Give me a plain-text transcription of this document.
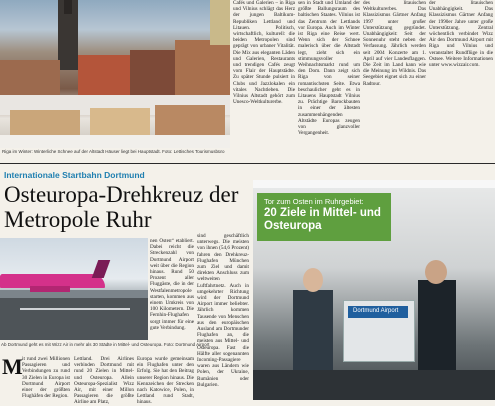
Riga im Winter: Winterliche Schnee auf der Altstadt Häuser liegt bei Hauptstadt. Foto: Lettisches Tourismusbüro
Cafés und Galerien – in Riga und Vilnius schlägt das Herz der jungen Baltikum-Republiken Lettland und Litauen. Politisch, wirtschaftlich, kulturell: die beiden Metropolen sind geprägt von urbaner Vitalität. Die Mix aus eleganten Läden und Galerien, Restaurants und trendigen Cafés zeugt vom Flair der Hauptstädte. Zu später Stunde pulsiert in Clubs und Jazzlokalen ein vitales Nachtleben. Die Vilnius Altstadt gehört zum Unesco-Weltkulturerbe.
sen in Stadt und Umland der größte Ballungsraum des baltischen Staates. Vilnius ist das Zentrum der Lettlands vor Europa. Auch im Winter ist Riga eine Reise wert. Wenn sich der Schnee malerisch über die Altstadt legt, zieht sich ein stimmungsvoller Weihnachtsmarkt rund um den Dom. Dann zeigt sich Riga von seiner romantischsten Seite. Etwa beschaulicher geht es in Litauens Hauptstadt Vilnius zu. Prächtige Barockbauten in einer der ältesten zusammenhängenden Altstädte Europas zeugen von glanzvoller Vergangenheit.
des litauischen Weltkulturerbes. Das Klassizismus Gärtner Anfang 1997 unter großer Unterstützung gegründet. Unabhängigkeit: Seit der Sonnenuhr steht neben der Verfassung. Jährlich werden seit 2004 Konzerte am 1. April auf vier Landesflaggen. Die Zeit im Land kann wie die Meinung im Wildnis. Das Seegebiet eignet sich zu einer Radtour.
der litauischen Unabhängigkeit. Das Klassizismus Gärtner Anfang der 1990er Jahre unter große Unterstützung. Zentral wöchentlich verbindet Wizz Air den Dortmund Airport mit Riga und Vilnius und veranstaltet Rundflüge in die Ostsee. Weitere Informationen unter www.wizzair.com.
Internationale Startbahn Dortmund
Osteuropa-Drehkreuz der Metropole Ruhr
Ab Dortmund geht es mit Wizz Air in mehr als 30 Städte in Mittel- und Osteuropa. Foto: Dortmund Airport
nen Osten“ etabliert. Dabei reicht die Streckenzahl von Dortmund Airport weit über die Region hinaus. Rund 50 Prozent aller Fluggäste, die in der Westfalenmetropole starten, kommen aus einem Umkreis von 100 Kilometern. Die Fernhin-Flughafen sorgt immer für eine gute Verbindung.
sind geschäftlich unterwegs. Die meisten von ihnen (54,6 Prozent) fahren den Drehkreuz-Flughafen München zum Ziel und damit direkten Anschluss zum weltweiten Luftfahrtnetz. Auch in umgekehrter Richtung wird der Dortmund Airport immer beliebter. Jährlich kommen Tausende von Menschen aus den europäischen Ausland am Dortmunder Flughafen an, die meisten aus Mittel- und Osteuropa. Fast die Hälfte aller sogenannten Incoming-Passagiere waren aus Ländern wie Polen, der Ukraine, Rumänien oder Bulgarien.
M it rund zwei Millionen Passagieren und Verbindungen zu rund 30 Zielen in Europa ist Dortmund Airport einer der größten Flughäfen der Region.
Lettland. Drei Airlines verbinden Dortmund mit rund 20 Zielen in Mittel- und Osteuropa. Allein Osteuropa-Spezialist Wizz Air, mit einer Millon Passagieren die größte Airline am Platz,
Europa wurde gemeinsam ein Flughafen unter den Erfolg. Sie hat den Beitrag unserer Region hinaus. Die Kennzeichen der Strecken nach Katowice, Polen, in Lettland rund Stadt, hinaus.
Dortmund Airport
Tor zum Osten im Ruhrgebiet:
20 Ziele in Mittel- und Osteuropa
